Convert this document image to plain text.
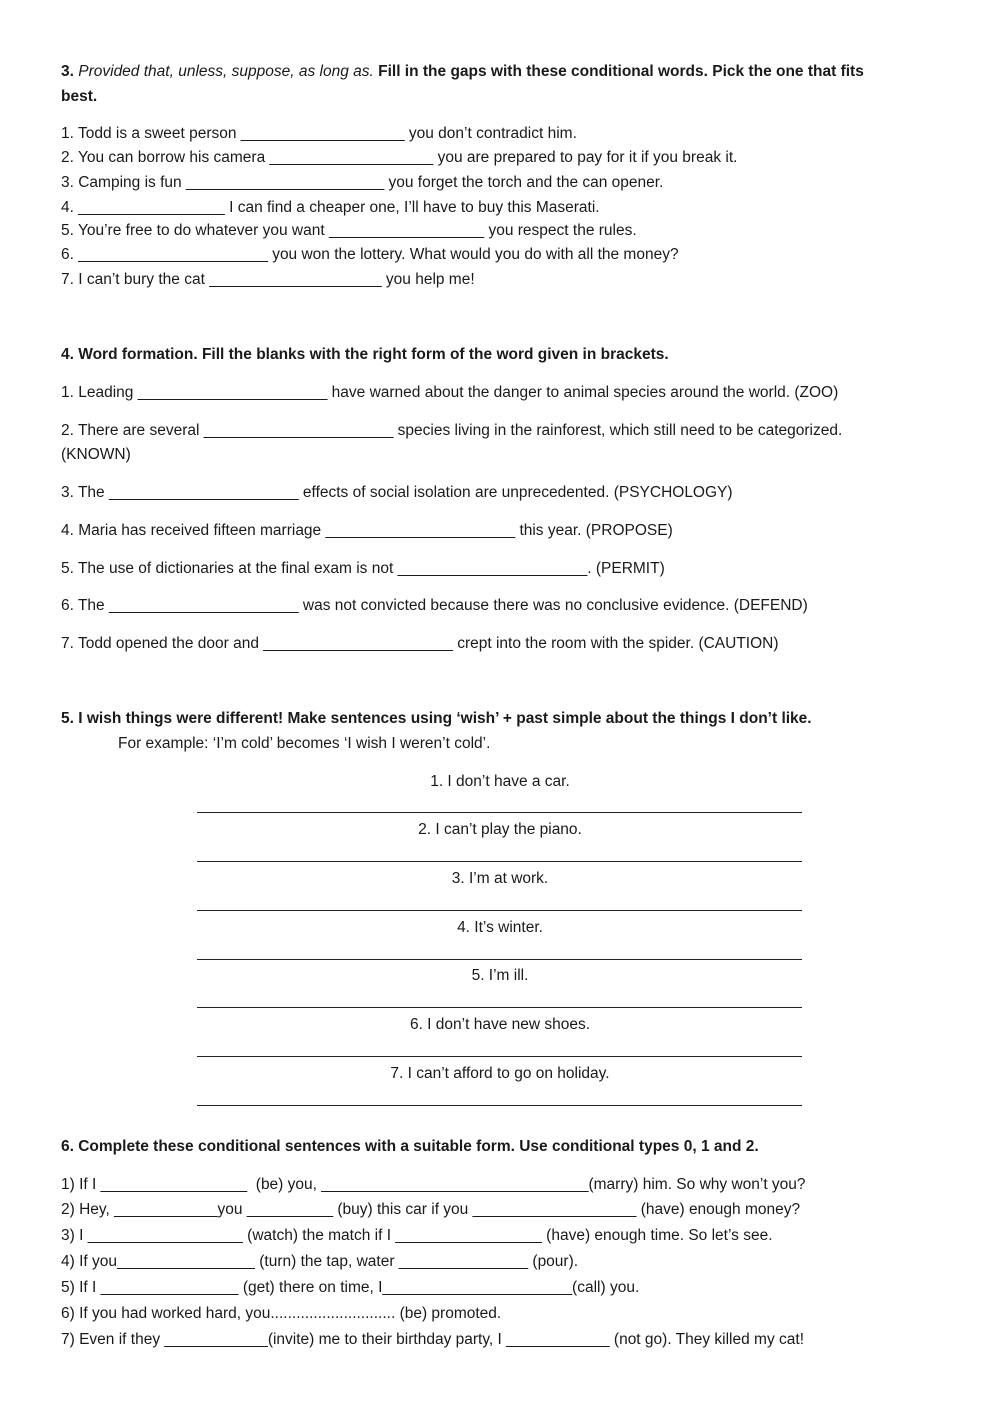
3. Provided that, unless, suppose, as long as. Fill in the gaps with these conditional words. Pick the one that fits
best.
1. Todd is a sweet person ___________________ you don’t contradict him.
2. You can borrow his camera ___________________ you are prepared to pay for it if you break it.
3. Camping is fun _______________________ you forget the torch and the can opener.
4. _________________ I can find a cheaper one, I’ll have to buy this Maserati.
5. You’re free to do whatever you want __________________ you respect the rules.
6. ______________________ you won the lottery. What would you do with all the money?
7. I can’t bury the cat ____________________ you help me!
4. Word formation. Fill the blanks with the right form of the word given in brackets.
1. Leading ______________________ have warned about the danger to animal species around the world. (ZOO)
2. There are several ______________________ species living in the rainforest, which still need to be categorized.
(KNOWN)
3. The ______________________ effects of social isolation are unprecedented. (PSYCHOLOGY)
4. Maria has received fifteen marriage ______________________ this year. (PROPOSE)
5. The use of dictionaries at the final exam is not ______________________. (PERMIT)
6. The ______________________ was not convicted because there was no conclusive evidence. (DEFEND)
7. Todd opened the door and ______________________ crept into the room with the spider. (CAUTION)
5. I wish things were different! Make sentences using ‘wish’ + past simple about the things I don’t like.
For example: ‘I’m cold’ becomes ‘I wish I weren’t cold’.
1. I don’t have a car.
2. I can’t play the piano.
3. I’m at work.
4. It’s winter.
5. I’m ill.
6. I don’t have new shoes.
7. I can’t afford to go on holiday.
6. Complete these conditional sentences with a suitable form. Use conditional types 0, 1 and 2.
1) If I _________________  (be) you, _______________________________(marry) him. So why won’t you?
2) Hey, ____________you __________ (buy) this car if you ___________________ (have) enough money?
3) I __________________ (watch) the match if I _________________ (have) enough time. So let’s see.
4) If you________________ (turn) the tap, water _______________ (pour).
5) If I ________________ (get) there on time, I______________________(call) you.
6) If you had worked hard, you............................. (be) promoted.
7) Even if they ____________(invite) me to their birthday party, I ____________ (not go). They killed my cat!
